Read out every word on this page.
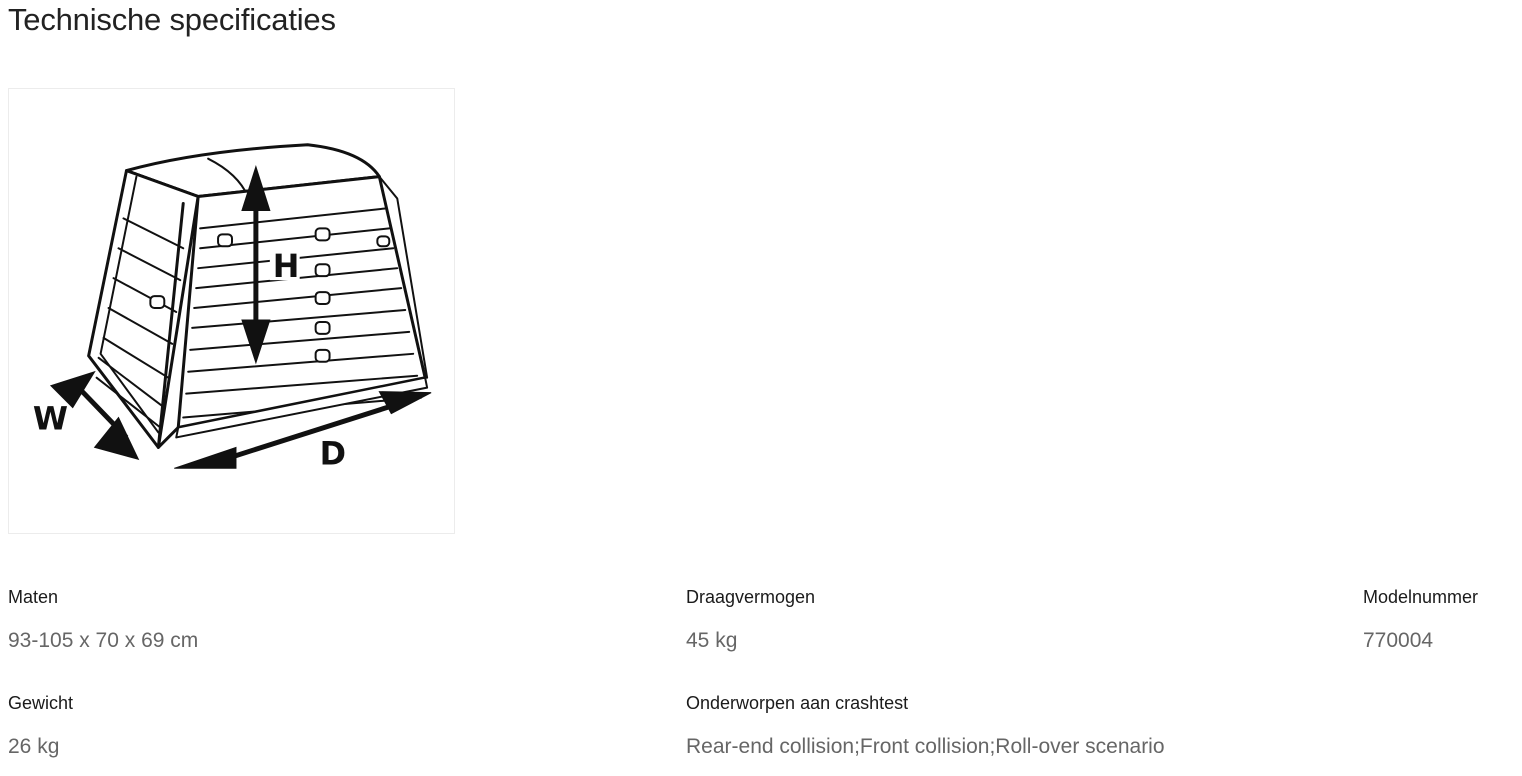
Technische specificaties
H
W
D
Maten
93-105 x 70 x 69 cm
Draagvermogen
45 kg
Modelnummer
770004
Gewicht
26 kg
Onderworpen aan crashtest
Rear-end collision;Front collision;Roll-over scenario
